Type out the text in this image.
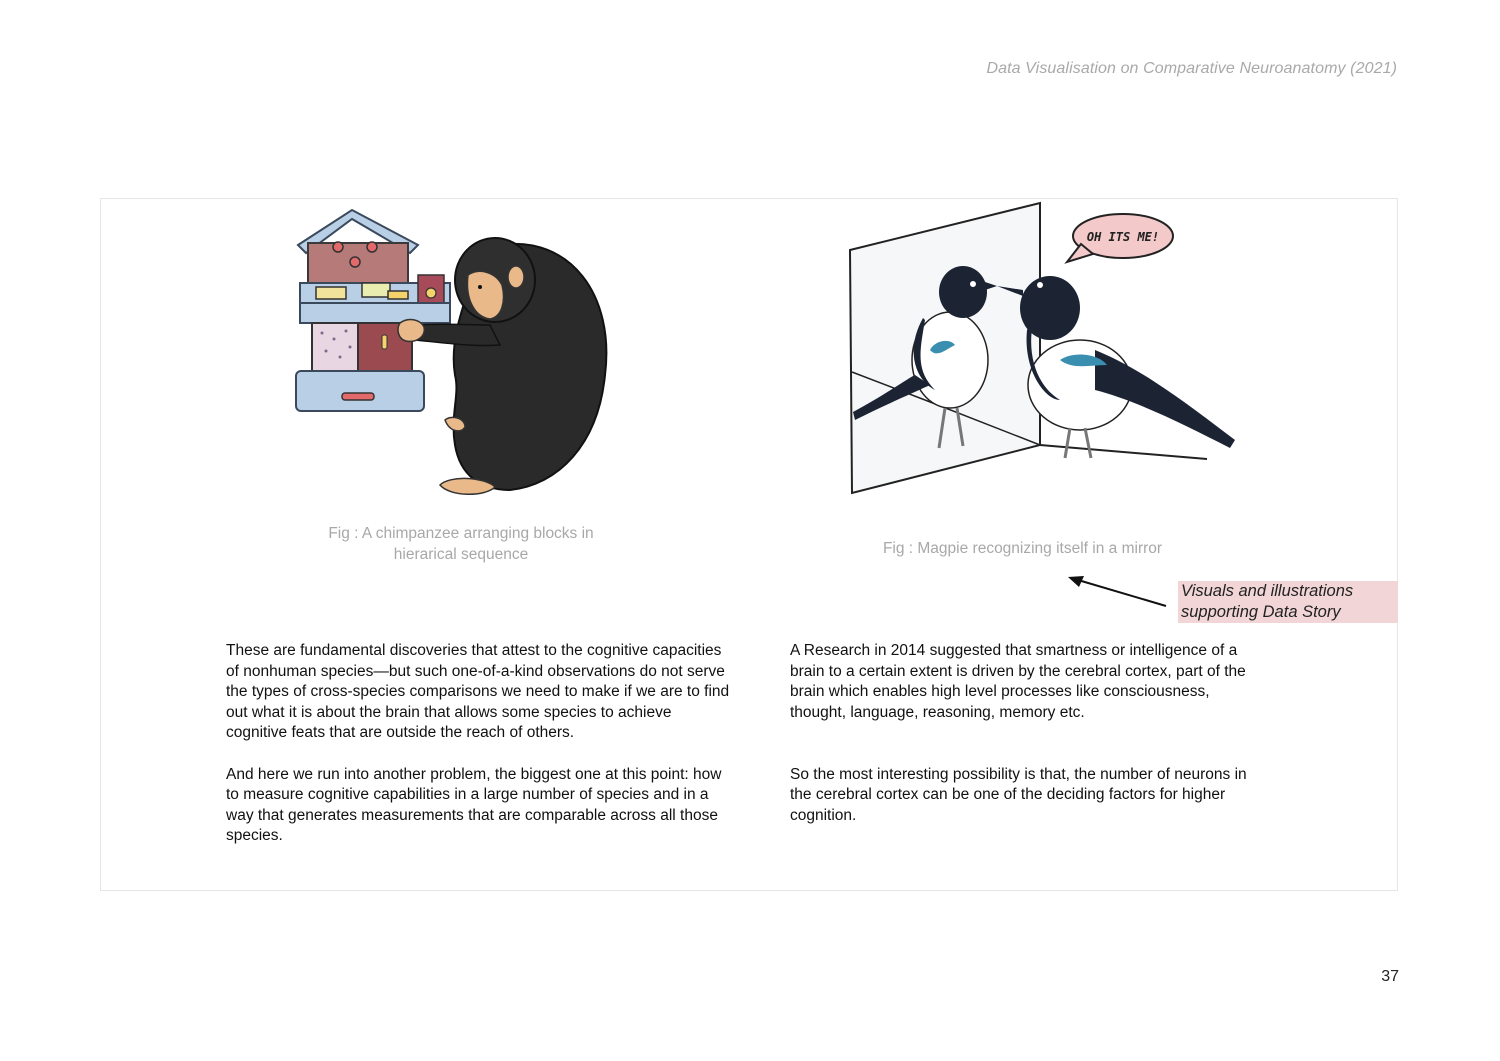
Data Visualisation on Comparative Neuroanatomy (2021)
OH ITS ME!
Fig : A chimpanzee arranging blocks in
hierarical sequence	Fig : Magpie recognizing itself in a mirror
Visuals and illustrations
supporting Data Story

These are fundamental discoveries that attest to the cognitive capacities
of nonhuman species—but such one-of-a-kind observations do not serve
the types of cross-species comparisons we need to make if we are to find
out what it is about the brain that allows some species to achieve
cognitive feats that are outside the reach of others.

And here we run into another problem, the biggest one at this point: how
to measure cognitive capabilities in a large number of species and in a
way that generates measurements that are comparable across all those
species.

A Research in 2014 suggested that smartness or intelligence of a
brain to a certain extent is driven by the cerebral cortex, part of the
brain which enables high level processes like consciousness,
thought, language, reasoning, memory etc.

So the most interesting possibility is that, the number of neurons in
the cerebral cortex can be one of the deciding factors for higher
cognition.

37
